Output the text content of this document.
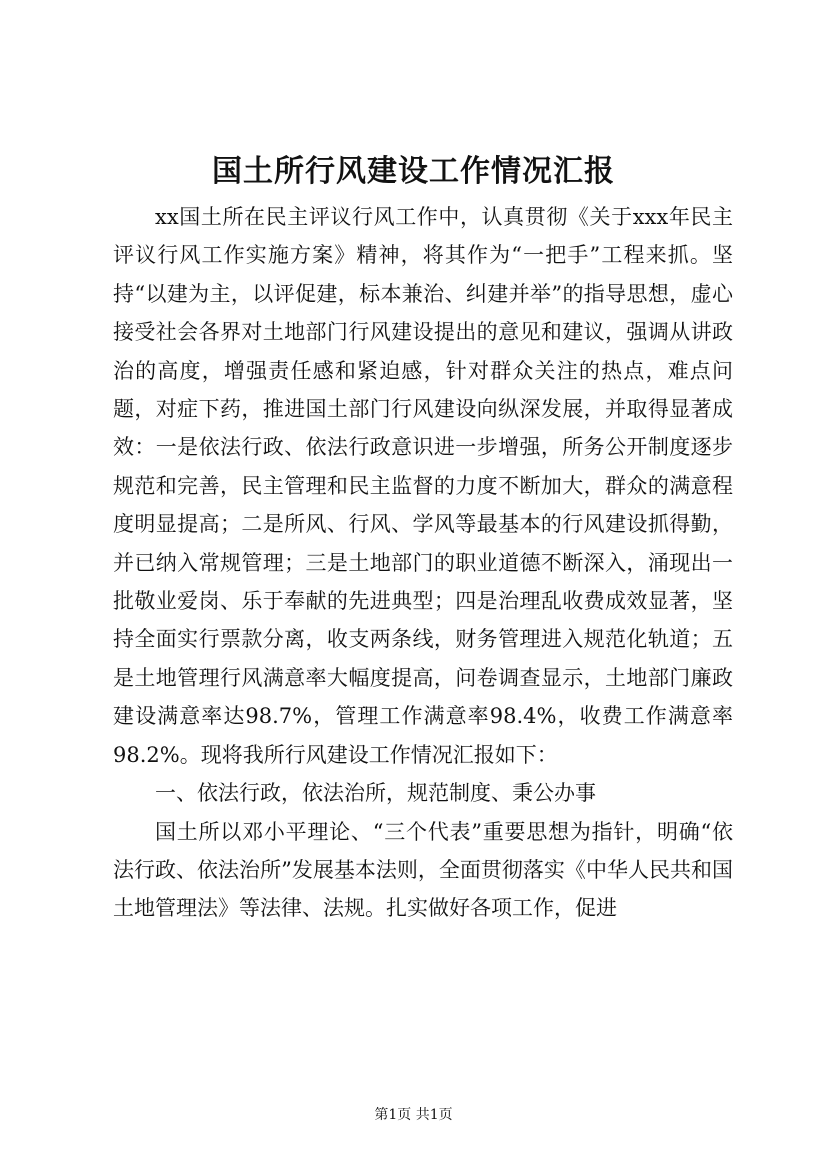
国土所行风建设工作情况汇报

xx国土所在民主评议行风工作中，认真贯彻《关于xxx年民主评议行风工作实施方案》精神，将其作为“一把手”工程来抓。坚持“以建为主，以评促建，标本兼治、纠建并举”的指导思想，虚心接受社会各界对土地部门行风建设提出的意见和建议，强调从讲政治的高度，增强责任感和紧迫感，针对群众关注的热点，难点问题，对症下药，推进国土部门行风建设向纵深发展，并取得显著成效：一是依法行政、依法行政意识进一步增强，所务公开制度逐步规范和完善，民主管理和民主监督的力度不断加大，群众的满意程度明显提高；二是所风、行风、学风等最基本的行风建设抓得勤，并已纳入常规管理；三是土地部门的职业道德不断深入，涌现出一批敬业爱岗、乐于奉献的先进典型；四是治理乱收费成效显著，坚持全面实行票款分离，收支两条线，财务管理进入规范化轨道；五是土地管理行风满意率大幅度提高，问卷调查显示，土地部门廉政建设满意率达98.7%，管理工作满意率98.4%，收费工作满意率98.2%。现将我所行风建设工作情况汇报如下：

一、依法行政，依法治所，规范制度、秉公办事

国土所以邓小平理论、“三个代表”重要思想为指针，明确“依法行政、依法治所”发展基本法则，全面贯彻落实《中华人民共和国土地管理法》等法律、法规。扎实做好各项工作，促进

第1页 共1页
